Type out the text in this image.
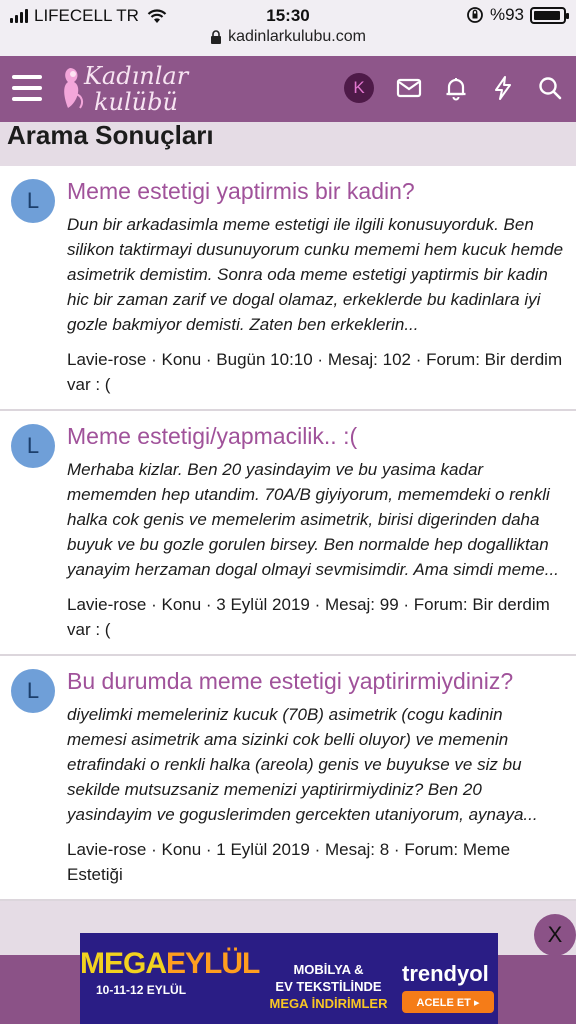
LIFECELL TR	15:30	%93
kadinlarkulubu.com
Kadınlar
kulübü
K
Arama Sonuçları
L	Meme estetigi yaptirmis bir kadin?
Dun bir arkadasimla meme estetigi ile ilgili konusuyorduk. Ben silikon taktirmayi dusunuyorum cunku mememi hem kucuk hemde asimetrik demistim. Sonra oda meme estetigi yaptirmis bir kadin hic bir zaman zarif ve dogal olamaz, erkeklerde bu kadinlara iyi gozle bakmiyor demisti. Zaten ben erkeklerin...
Lavie-rose · Konu · Bugün 10:10 · Mesaj: 102 · Forum: Bir derdim var : (
L	Meme estetigi/yapmacilik.. :(
Merhaba kizlar. Ben 20 yasindayim ve bu yasima kadar mememden hep utandim. 70A/B giyiyorum, mememdeki o renkli halka cok genis ve memelerim asimetrik, birisi digerinden daha buyuk ve bu gozle gorulen birsey. Ben normalde hep dogalliktan yanayim herzaman dogal olmayi sevmisimdir. Ama simdi meme...
Lavie-rose · Konu · 3 Eylül 2019 · Mesaj: 99 · Forum: Bir derdim var : (
L	Bu durumda meme estetigi yaptirirmiydiniz?
diyelimki memeleriniz kucuk (70B) asimetrik (cogu kadinin memesi asimetrik ama sizinki cok belli oluyor) ve memenin etrafindaki o renkli halka (areola) genis ve buyukse ve siz bu sekilde mutsuzsaniz memenizi yaptirirmiydiniz? Ben 20 yasindayim ve goguslerimden gercekten utaniyorum, aynaya...
Lavie-rose · Konu · 1 Eylül 2019 · Mesaj: 8 · Forum: Meme Estetiği
MEGAEYLÜL
10-11-12 EYLÜL
MOBİLYA &
EV TEKSTİLİNDE
MEGA İNDİRİMLER
trendyol
ACELE ET ▸
X
